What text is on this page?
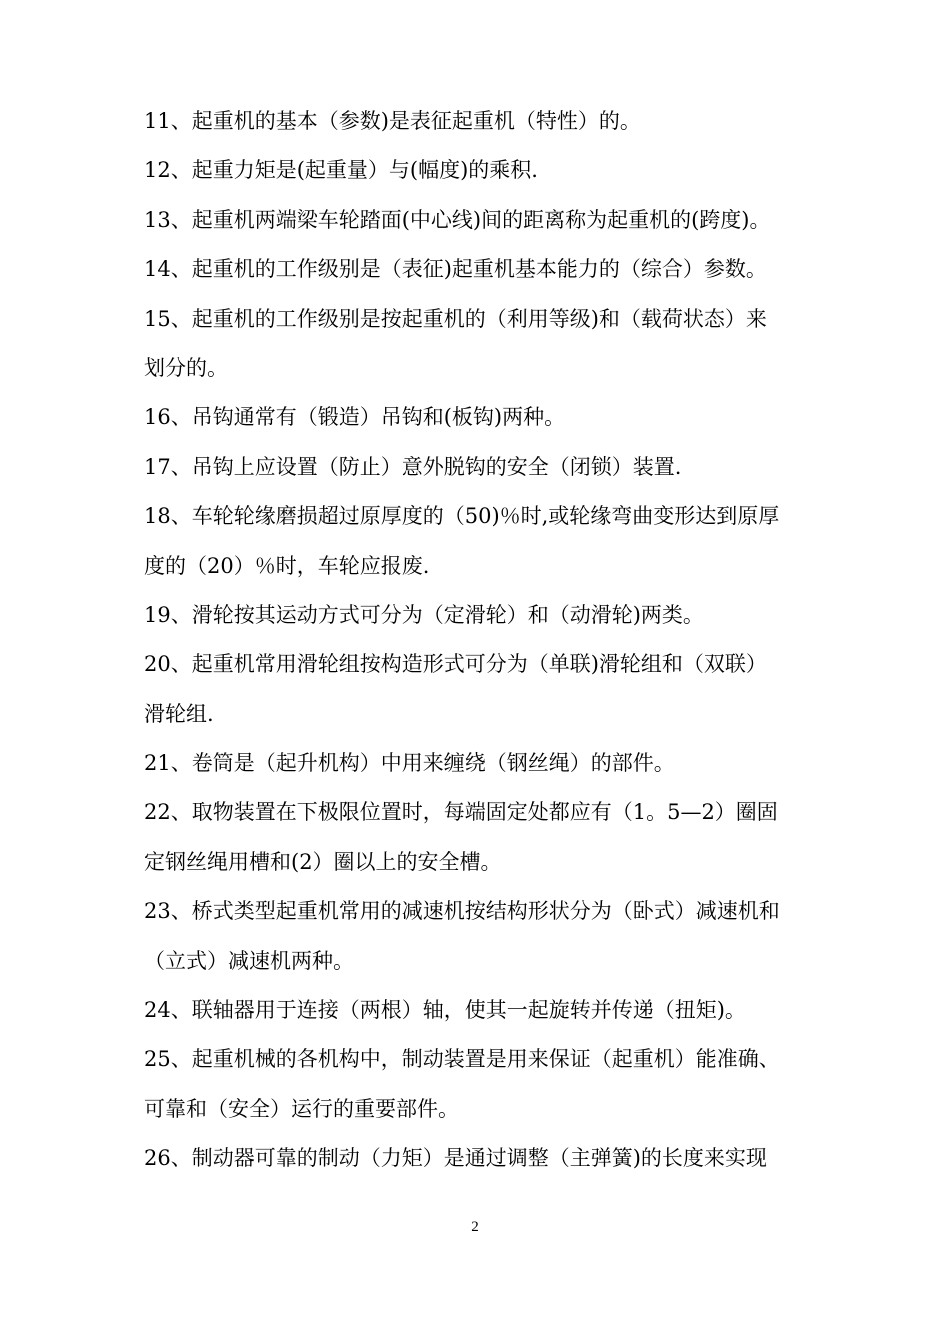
11、起重机的基本（参数)是表征起重机（特性）的。
12、起重力矩是(起重量）与(幅度)的乘积.
13、起重机两端梁车轮踏面(中心线)间的距离称为起重机的(跨度)。
14、起重机的工作级别是（表征)起重机基本能力的（综合）参数。
15、起重机的工作级别是按起重机的（利用等级)和（载荷状态）来
划分的。
16、吊钩通常有（锻造）吊钩和(板钩)两种。
17、吊钩上应设置（防止）意外脱钩的安全（闭锁）装置.
18、车轮轮缘磨损超过原厚度的（50)％时,或轮缘弯曲变形达到原厚
度的（20）％时，车轮应报废.
19、滑轮按其运动方式可分为（定滑轮）和（动滑轮)两类。
20、起重机常用滑轮组按构造形式可分为（单联)滑轮组和（双联）
滑轮组.
21、卷筒是（起升机构）中用来缠绕（钢丝绳）的部件。
22、取物装置在下极限位置时，每端固定处都应有（1。5—2）圈固
定钢丝绳用槽和(2）圈以上的安全槽。
23、桥式类型起重机常用的减速机按结构形状分为（卧式）减速机和
（立式）减速机两种。
24、联轴器用于连接（两根）轴，使其一起旋转并传递（扭矩)。
25、起重机械的各机构中，制动装置是用来保证（起重机）能准确、
可靠和（安全）运行的重要部件。
26、制动器可靠的制动（力矩）是通过调整（主弹簧)的长度来实现
2
